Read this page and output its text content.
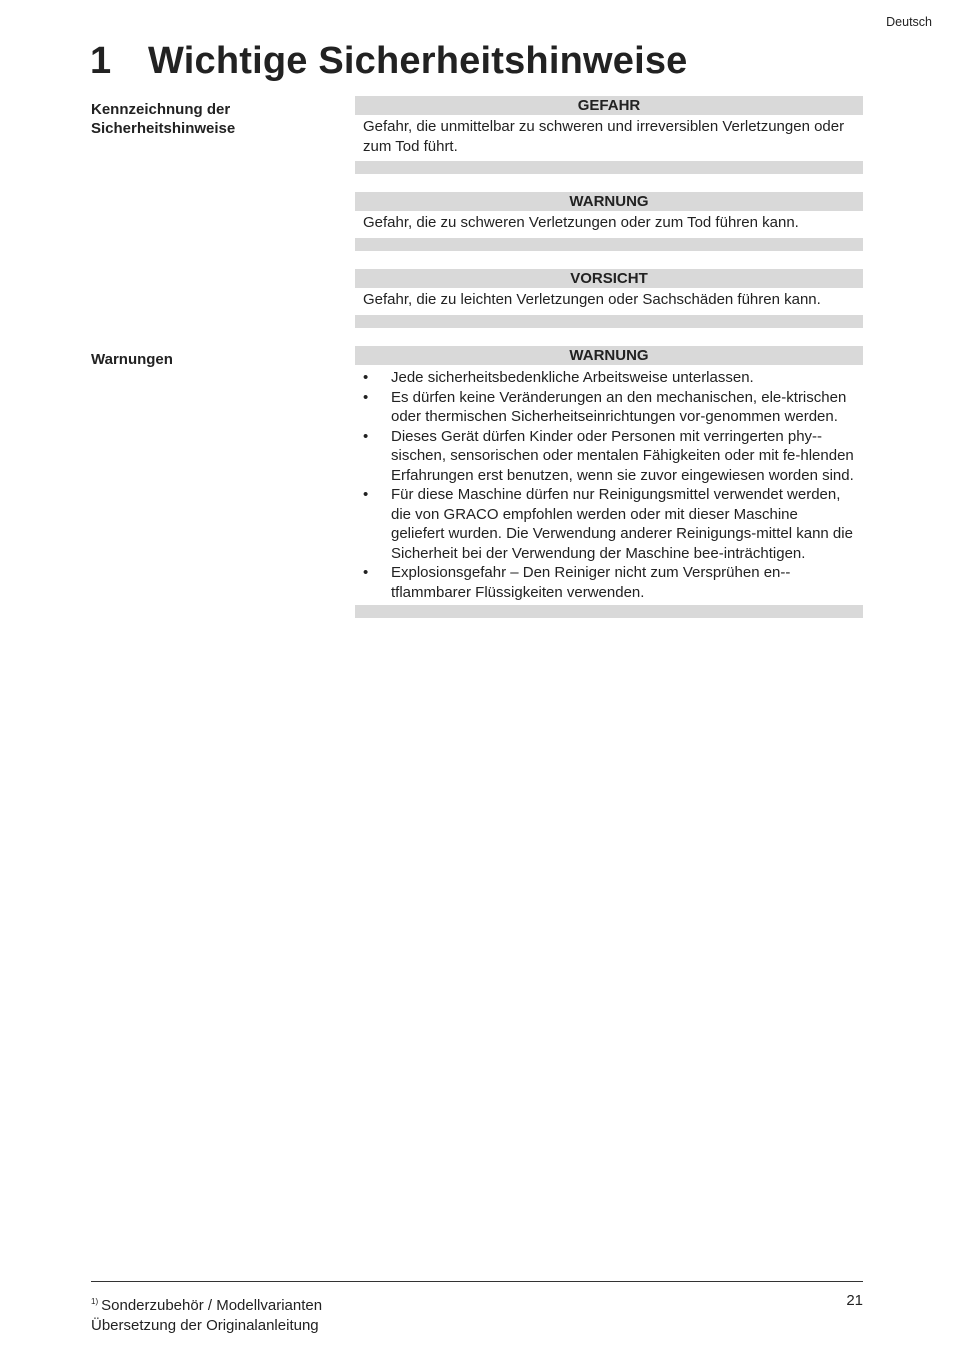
Deutsch
1 Wichtige Sicherheitshinweise
Kennzeichnung der
Sicherheitshinweise
GEFAHR
Gefahr, die unmittelbar zu schweren und irreversiblen Verletzungen oder zum Tod führt.
WARNUNG
Gefahr, die zu schweren Verletzungen oder zum Tod führen kann.
VORSICHT
Gefahr, die zu leichten Verletzungen oder Sachschäden führen kann.
Warnungen	WARNUNG
• Jede sicherheitsbedenkliche Arbeitsweise unterlassen.
• Es dürfen keine Veränderungen an den mechanischen, ele-ktrischen oder thermischen Sicherheitseinrichtungen vor-genommen werden.
• Dieses Gerät dürfen Kinder oder Personen mit verringerten phy-sischen, sensorischen oder mentalen Fähigkeiten oder mit fe-hlenden Erfahrungen erst benutzen, wenn sie zuvor eingewiesen worden sind.
• Für diese Maschine dürfen nur Reinigungsmittel verwendet werden, die von GRACO empfohlen werden oder mit dieser Maschine geliefert wurden. Die Verwendung anderer Reinigungs-mittel kann die Sicherheit bei der Verwendung der Maschine bee-inträchtigen.
• Explosionsgefahr – Den Reiniger nicht zum Versprühen en-tflammbarer Flüssigkeiten verwenden.
$^{1)}$ Sonderzubehör / Modellvarianten
Übersetzung der Originalanleitung
21
